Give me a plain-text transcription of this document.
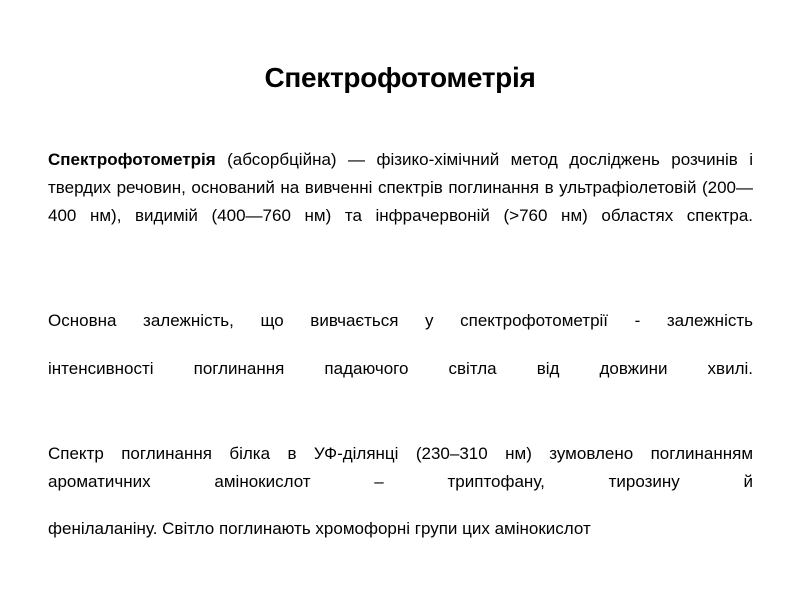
Спектрофотометрія
Спектрофотометрія (абсорбційна) — фізико-хімічний метод досліджень розчинів і твердих речовин, оснований на вивченні спектрів поглинання в ультрафіолетовій (200—400 нм), видимій (400—760 нм) та інфрачервоній (>760 нм) областях спектра.
Основна залежність, що вивчається у спектрофотометрії - залежність
інтенсивності поглинання падаючого світла від довжини хвилі.
Спектр поглинання білка в УФ-ділянці (230–310 нм) зумовлено поглинанням ароматичних амінокислот – триптофану, тирозину й
фенілаланіну. Світло поглинають хромофорні групи цих амінокислот
